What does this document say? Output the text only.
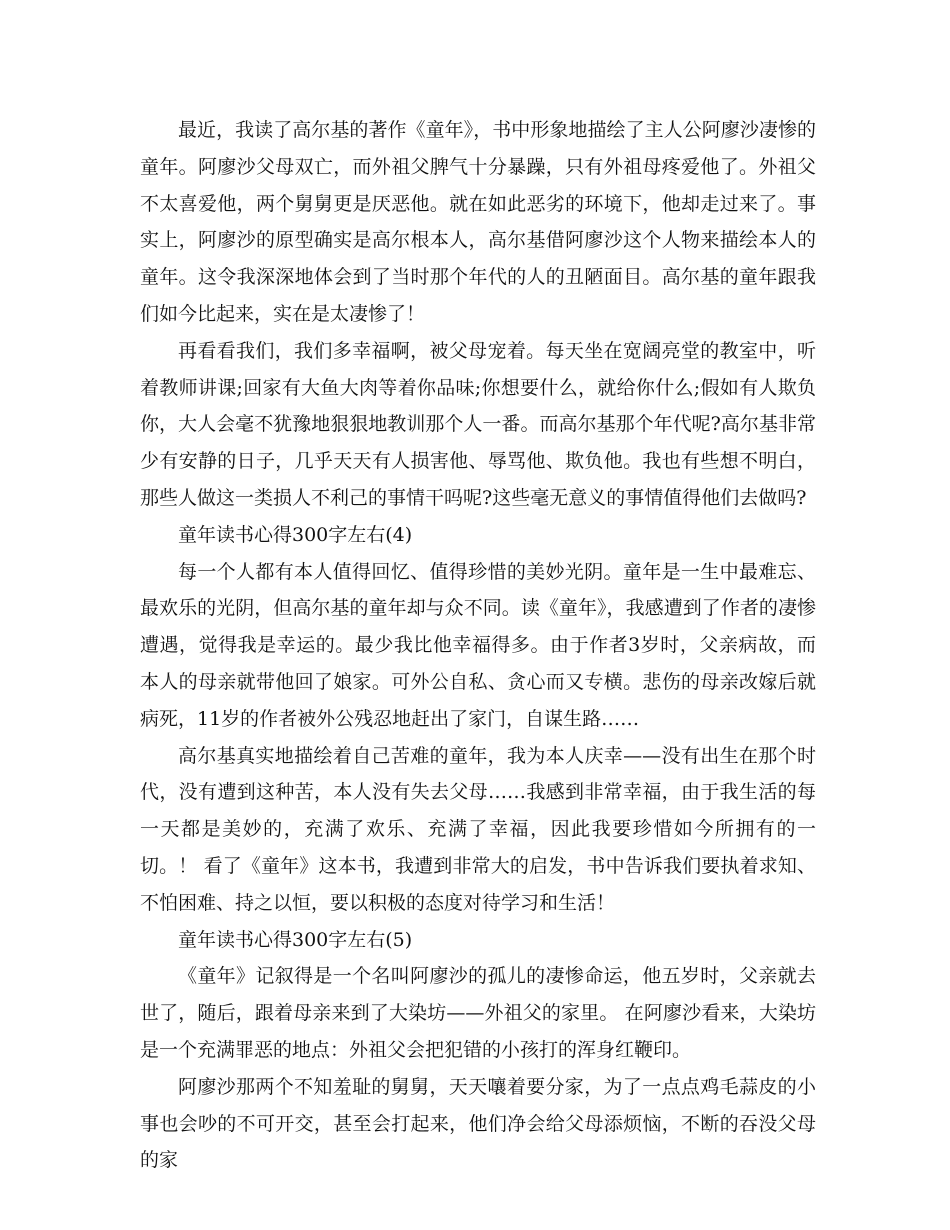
最近，我读了高尔基的著作《童年》，书中形象地描绘了主人公阿廖沙凄惨的童年。阿廖沙父母双亡，而外祖父脾气十分暴躁，只有外祖母疼爱他了。外祖父不太喜爱他，两个舅舅更是厌恶他。就在如此恶劣的环境下，他却走过来了。事实上，阿廖沙的原型确实是高尔根本人，高尔基借阿廖沙这个人物来描绘本人的童年。这令我深深地体会到了当时那个年代的人的丑陋面目。高尔基的童年跟我们如今比起来，实在是太凄惨了！

再看看我们，我们多幸福啊，被父母宠着。每天坐在宽阔亮堂的教室中，听着教师讲课;回家有大鱼大肉等着你品味;你想要什么，就给你什么;假如有人欺负你，大人会毫不犹豫地狠狠地教训那个人一番。而高尔基那个年代呢?高尔基非常少有安静的日子，几乎天天有人损害他、辱骂他、欺负他。我也有些想不明白，那些人做这一类损人不利己的事情干吗呢?这些毫无意义的事情值得他们去做吗?

童年读书心得300字左右(4)

每一个人都有本人值得回忆、值得珍惜的美妙光阴。童年是一生中最难忘、最欢乐的光阴，但高尔基的童年却与众不同。读《童年》，我感遭到了作者的凄惨遭遇，觉得我是幸运的。最少我比他幸福得多。由于作者3岁时，父亲病故，而本人的母亲就带他回了娘家。可外公自私、贪心而又专横。悲伤的母亲改嫁后就病死，11岁的作者被外公残忍地赶出了家门，自谋生路……

高尔基真实地描绘着自己苦难的童年，我为本人庆幸——没有出生在那个时代，没有遭到这种苦，本人没有失去父母……我感到非常幸福，由于我生活的每一天都是美妙的，充满了欢乐、充满了幸福，因此我要珍惜如今所拥有的一切。！ 看了《童年》这本书，我遭到非常大的启发，书中告诉我们要执着求知、不怕困难、持之以恒，要以积极的态度对待学习和生活！

童年读书心得300字左右(5)

《童年》记叙得是一个名叫阿廖沙的孤儿的凄惨命运，他五岁时，父亲就去世了，随后，跟着母亲来到了大染坊——外祖父的家里。 在阿廖沙看来，大染坊是一个充满罪恶的地点：外祖父会把犯错的小孩打的浑身红鞭印。

阿廖沙那两个不知羞耻的舅舅，天天嚷着要分家，为了一点点鸡毛蒜皮的小事也会吵的不可开交，甚至会打起来，他们净会给父母添烦恼，不断的吞没父母的家
